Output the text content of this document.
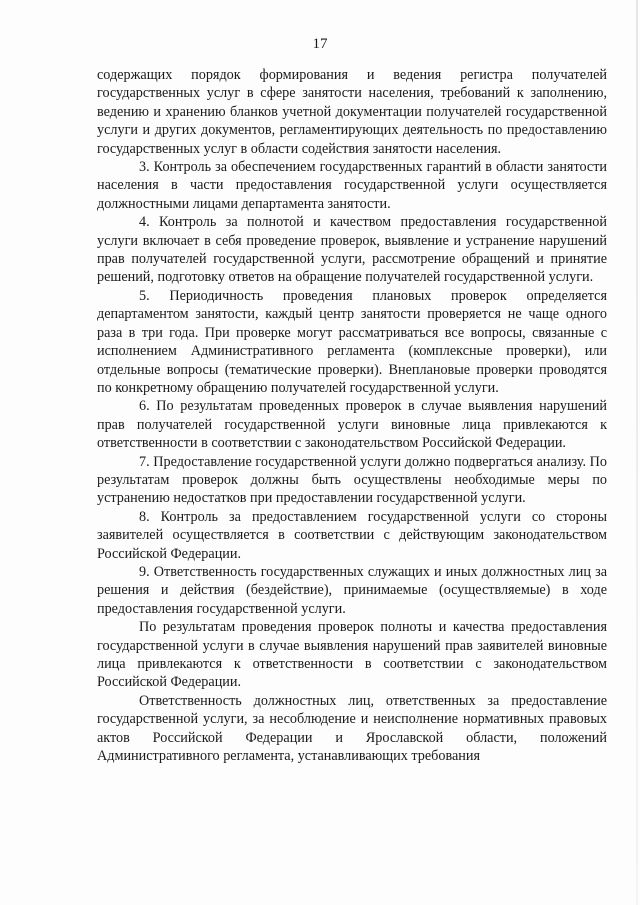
17

содержащих порядок формирования и ведения регистра получателей государственных услуг в сфере занятости населения, требований к заполнению, ведению и хранению бланков учетной документации получателей государственной услуги и других документов, регламентирующих деятельность по предоставлению государственных услуг в области содействия занятости населения.

3. Контроль за обеспечением государственных гарантий в области занятости населения в части предоставления государственной услуги осуществляется должностными лицами департамента занятости.

4. Контроль за полнотой и качеством предоставления государственной услуги включает в себя проведение проверок, выявление и устранение нарушений прав получателей государственной услуги, рассмотрение обращений и принятие решений, подготовку ответов на обращение получателей государственной услуги.

5. Периодичность проведения плановых проверок определяется департаментом занятости, каждый центр занятости проверяется не чаще одного раза в три года. При проверке могут рассматриваться все вопросы, связанные с исполнением Административного регламента (комплексные проверки), или отдельные вопросы (тематические проверки). Внеплановые проверки проводятся по конкретному обращению получателей государственной услуги.

6. По результатам проведенных проверок в случае выявления нарушений прав получателей государственной услуги виновные лица привлекаются к ответственности в соответствии с законодательством Российской Федерации.

7. Предоставление государственной услуги должно подвергаться анализу. По результатам проверок должны быть осуществлены необходимые меры по устранению недостатков при предоставлении государственной услуги.

8. Контроль за предоставлением государственной услуги со стороны заявителей осуществляется в соответствии с действующим законодательством Российской Федерации.

9. Ответственность государственных служащих и иных должностных лиц за решения и действия (бездействие), принимаемые (осуществляемые) в ходе предоставления государственной услуги.

По результатам проведения проверок полноты и качества предоставления государственной услуги в случае выявления нарушений прав заявителей виновные лица привлекаются к ответственности в соответствии с законодательством Российской Федерации.

Ответственность должностных лиц, ответственных за предоставление государственной услуги, за несоблюдение и неисполнение нормативных правовых актов Российской Федерации и Ярославской области, положений Административного регламента, устанавливающих требования
